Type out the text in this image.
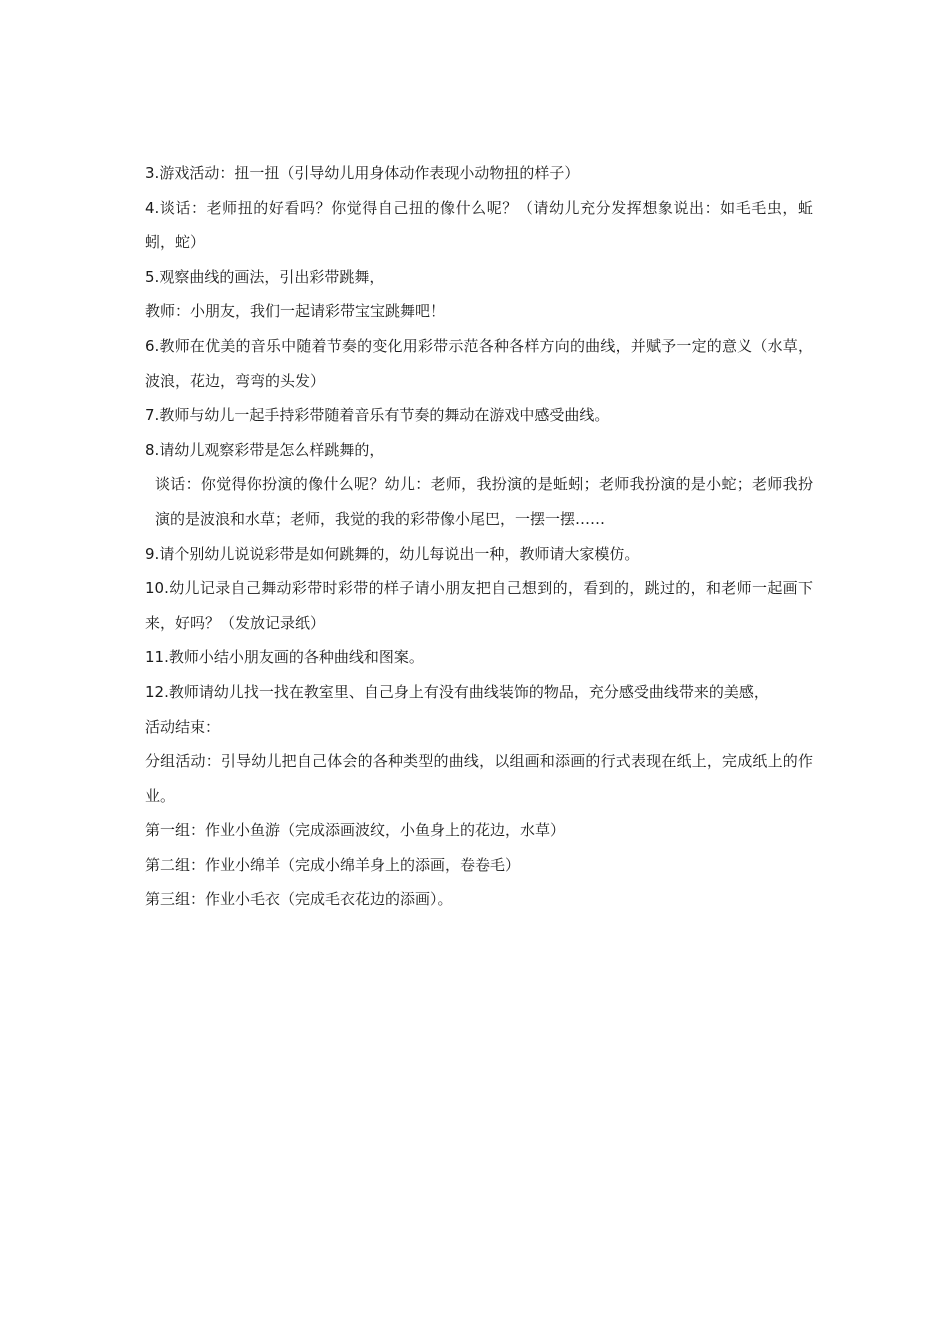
3.游戏活动：扭一扭（引导幼儿用身体动作表现小动物扭的样子）

4.谈话：老师扭的好看吗？你觉得自己扭的像什么呢？（请幼儿充分发挥想象说出：如毛毛虫，蚯蚓，蛇）

5.观察曲线的画法，引出彩带跳舞，

教师：小朋友，我们一起请彩带宝宝跳舞吧！

6.教师在优美的音乐中随着节奏的变化用彩带示范各种各样方向的曲线，并赋予一定的意义（水草，波浪，花边，弯弯的头发）

7.教师与幼儿一起手持彩带随着音乐有节奏的舞动在游戏中感受曲线。

8.请幼儿观察彩带是怎么样跳舞的，

谈话：你觉得你扮演的像什么呢？幼儿：老师，我扮演的是蚯蚓；老师我扮演的是小蛇；老师我扮演的是波浪和水草；老师，我觉的我的彩带像小尾巴，一摆一摆……

9.请个别幼儿说说彩带是如何跳舞的，幼儿每说出一种，教师请大家模仿。

10.幼儿记录自己舞动彩带时彩带的样子请小朋友把自己想到的，看到的，跳过的，和老师一起画下来，好吗？（发放记录纸）

11.教师小结小朋友画的各种曲线和图案。

12.教师请幼儿找一找在教室里、自己身上有没有曲线装饰的物品，充分感受曲线带来的美感，

活动结束：

分组活动：引导幼儿把自己体会的各种类型的曲线，以组画和添画的行式表现在纸上，完成纸上的作业。

第一组：作业小鱼游（完成添画波纹，小鱼身上的花边，水草）

第二组：作业小绵羊（完成小绵羊身上的添画，卷卷毛）

第三组：作业小毛衣（完成毛衣花边的添画）。
